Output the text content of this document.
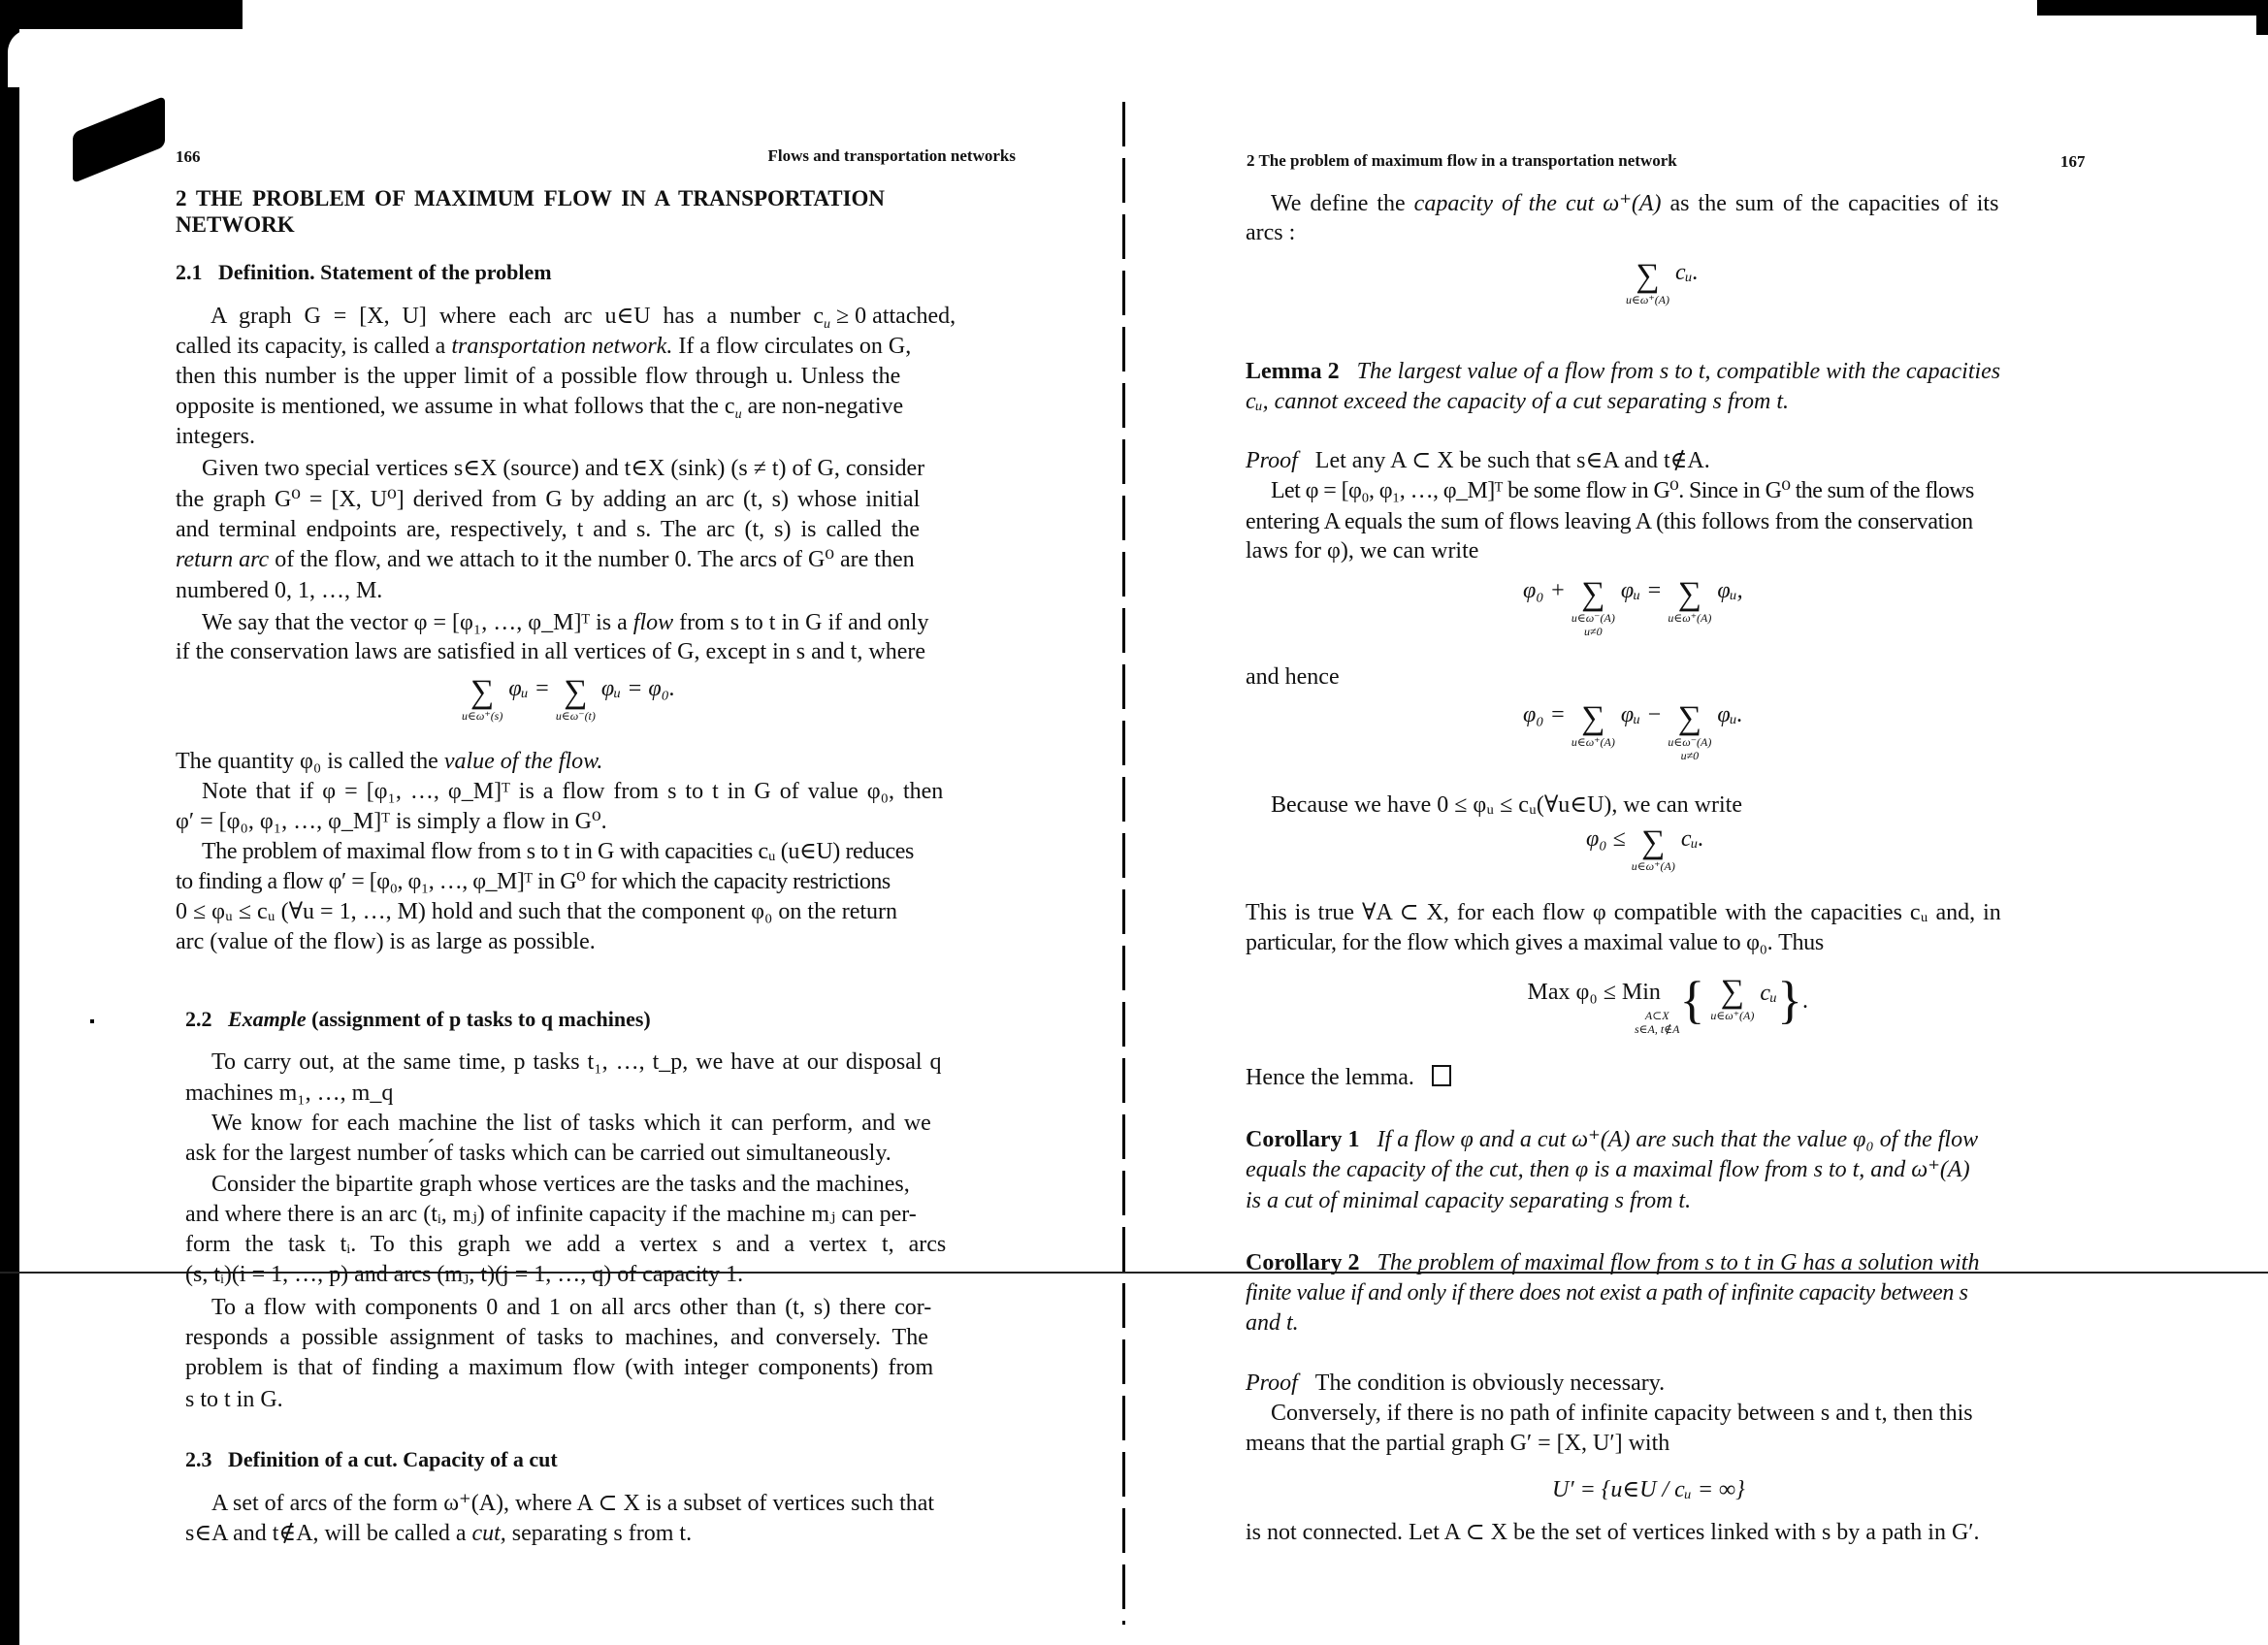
166	Flows and transportation networks
2 THE PROBLEM OF MAXIMUM FLOW IN A TRANSPORTATION
NETWORK
2.1 Definition. Statement of the problem
A graph G = [X, U] where each arc u∈U has a number $c_u \ge 0$ attached,
called its capacity, is called a transportation network. If a flow circulates on G,
then this number is the upper limit of a possible flow through u. Unless the
opposite is mentioned, we assume in what follows that the $c_u$ are non-negative
integers.
Given two special vertices s∈X (source) and t∈X (sink) (s ≠ t) of G, consider
the graph G⁰ = [X, U⁰] derived from G by adding an arc (t, s) whose initial
and terminal endpoints are, respectively, t and s. The arc (t, s) is called the
return arc of the flow, and we attach to it the number 0. The arcs of G⁰ are then
numbered 0, 1, …, M.
We say that the vector φ = [φ₁, …, φ_M]ᵀ is a flow from s to t in G if and only
if the conservation laws are satisfied in all vertices of G, except in s and t, where
∑
u∈ω⁺(s)
φᵤ = ∑
u∈ω⁻(t)
φᵤ = φ₀.
The quantity φ₀ is called the value of the flow.
Note that if φ = [φ₁, …, φ_M]ᵀ is a flow from s to t in G of value φ₀, then
φ′ = [φ₀, φ₁, …, φ_M]ᵀ is simply a flow in G⁰.
The problem of maximal flow from s to t in G with capacities cᵤ (u∈U) reduces
to finding a flow φ′ = [φ₀, φ₁, …, φ_M]ᵀ in G⁰ for which the capacity restrictions
0 ≤ φᵤ ≤ cᵤ (∀u = 1, …, M) hold and such that the component φ₀ on the return
arc (value of the flow) is as large as possible.
2.2 Example (assignment of p tasks to q machines)
To carry out, at the same time, p tasks t₁, …, t_p, we have at our disposal q
machines m₁, …, m_q
We know for each machine the list of tasks which it can perform, and we
ask for the largest number ́of tasks which can be carried out simultaneously.
Consider the bipartite graph whose vertices are the tasks and the machines,
and where there is an arc (tᵢ, mⱼ) of infinite capacity if the machine mⱼ can per-
form the task tᵢ. To this graph we add a vertex s and a vertex t, arcs
(s, tᵢ)(i = 1, …, p) and arcs (mⱼ, t)(j = 1, …, q) of capacity 1.
To a flow with components 0 and 1 on all arcs other than (t, s) there cor-
responds a possible assignment of tasks to machines, and conversely. The
problem is that of finding a maximum flow (with integer components) from
s to t in G.
2.3 Definition of a cut. Capacity of a cut
A set of arcs of the form ω⁺(A), where A ⊂ X is a subset of vertices such that
s∈A and t∉A, will be called a cut, separating s from t.
2 The problem of maximum flow in a transportation network	167
We define the capacity of the cut ω⁺(A) as the sum of the capacities of its
arcs :
∑
u∈ω⁺(A)
cᵤ.
Lemma 2 The largest value of a flow from s to t, compatible with the capacities
cᵤ, cannot exceed the capacity of a cut separating s from t.
Proof Let any A ⊂ X be such that s∈A and t∉A.
Let φ = [φ₀, φ₁, …, φ_M]ᵀ be some flow in G⁰. Since in G⁰ the sum of the flows
entering A equals the sum of flows leaving A (this follows from the conservation
laws for φ), we can write
φ₀ + ∑
u∈ω⁻(A)
u≠0
φᵤ = ∑
u∈ω⁺(A)
φᵤ,
and hence
φ₀ = ∑
u∈ω⁺(A)
φᵤ − ∑
u∈ω⁻(A)
u≠0
φᵤ.
Because we have 0 ≤ φᵤ ≤ cᵤ(∀u∈U), we can write
φ₀ ≤ ∑
u∈ω⁺(A)
cᵤ.
This is true ∀A ⊂ X, for each flow φ compatible with the capacities cᵤ and, in
particular, for the flow which gives a maximal value to φ₀. Thus
Max φ₀ ≤ Min
A⊂X
s∈A, t∉A { ∑
u∈ω⁺(A)
cᵤ}.
Hence the lemma.
Corollary 1 If a flow φ and a cut ω⁺(A) are such that the value φ₀ of the flow
equals the capacity of the cut, then φ is a maximal flow from s to t, and ω⁺(A)
is a cut of minimal capacity separating s from t.
Corollary 2 The problem of maximal flow from s to t in G has a solution with
finite value if and only if there does not exist a path of infinite capacity between s
and t.
Proof The condition is obviously necessary.
Conversely, if there is no path of infinite capacity between s and t, then this
means that the partial graph G′ = [X, U′] with
U′ = {u∈U / cᵤ = ∞}
is not connected. Let A ⊂ X be the set of vertices linked with s by a path in G′.
